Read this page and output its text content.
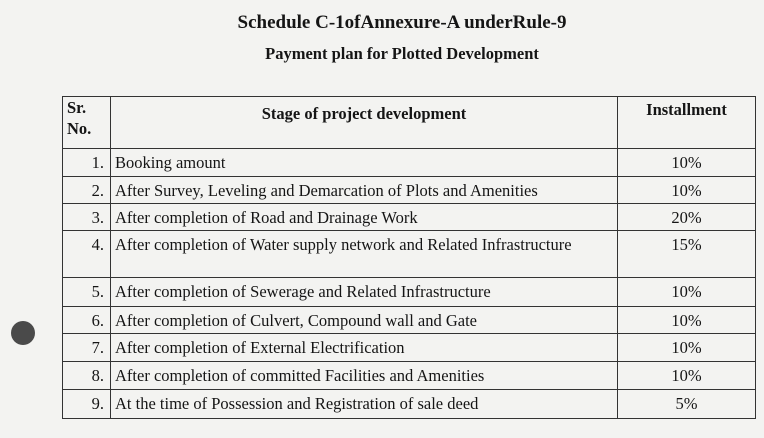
Schedule C-1ofAnnexure-A underRule-9
Payment plan for Plotted Development
Sr. No.	Stage of project development	Installment
1.	Booking amount	10%
2.	After Survey, Leveling and Demarcation of Plots and Amenities	10%
3.	After completion of Road and Drainage Work	20%
4.	After completion of Water supply network and Related Infrastructure	15%
5.	After completion of Sewerage and Related Infrastructure	10%
6.	After completion of Culvert, Compound wall and Gate	10%
7.	After completion of External Electrification	10%
8.	After completion of committed Facilities and Amenities	10%
9.	At the time of Possession and Registration of sale deed	5%
